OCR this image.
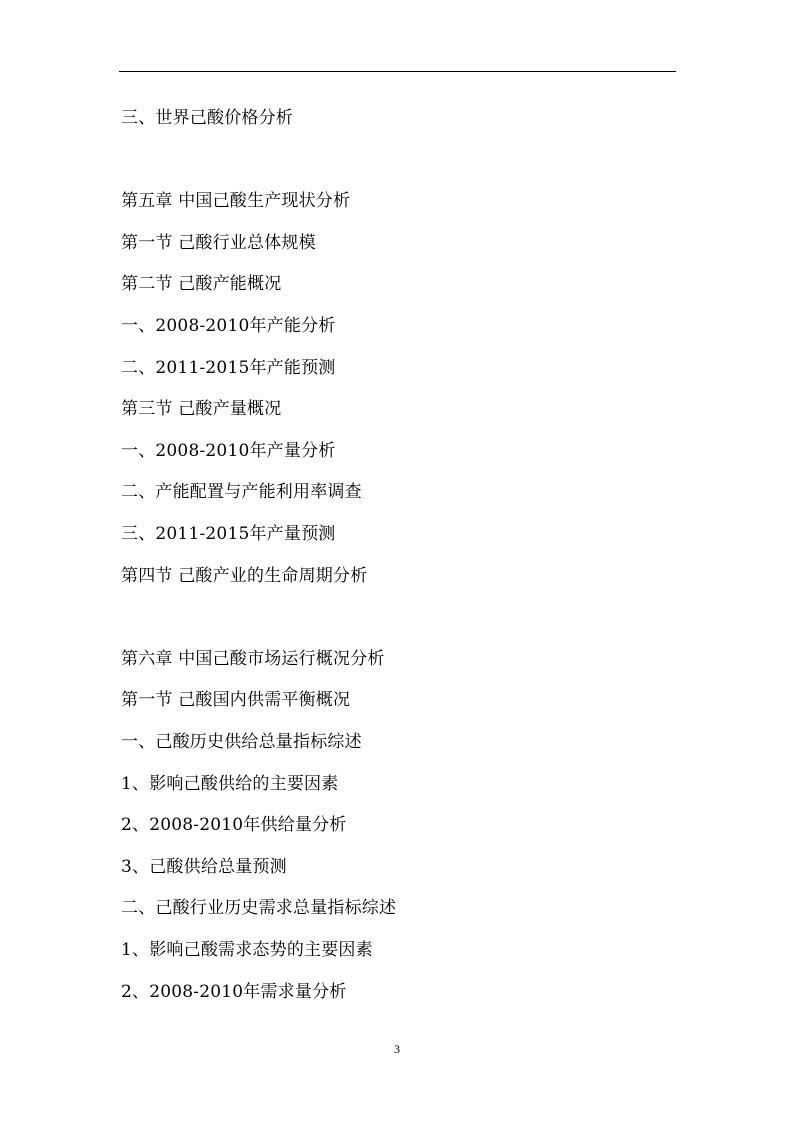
三、世界己酸价格分析
第五章 中国己酸生产现状分析
第一节 己酸行业总体规模
第二节 己酸产能概况
一、2008-2010年产能分析
二、2011-2015年产能预测
第三节 己酸产量概况
一、2008-2010年产量分析
二、产能配置与产能利用率调查
三、2011-2015年产量预测
第四节 己酸产业的生命周期分析
第六章 中国己酸市场运行概况分析
第一节 己酸国内供需平衡概况
一、己酸历史供给总量指标综述
1、影响己酸供给的主要因素
2、2008-2010年供给量分析
3、己酸供给总量预测
二、己酸行业历史需求总量指标综述
1、影响己酸需求态势的主要因素
2、2008-2010年需求量分析
3
